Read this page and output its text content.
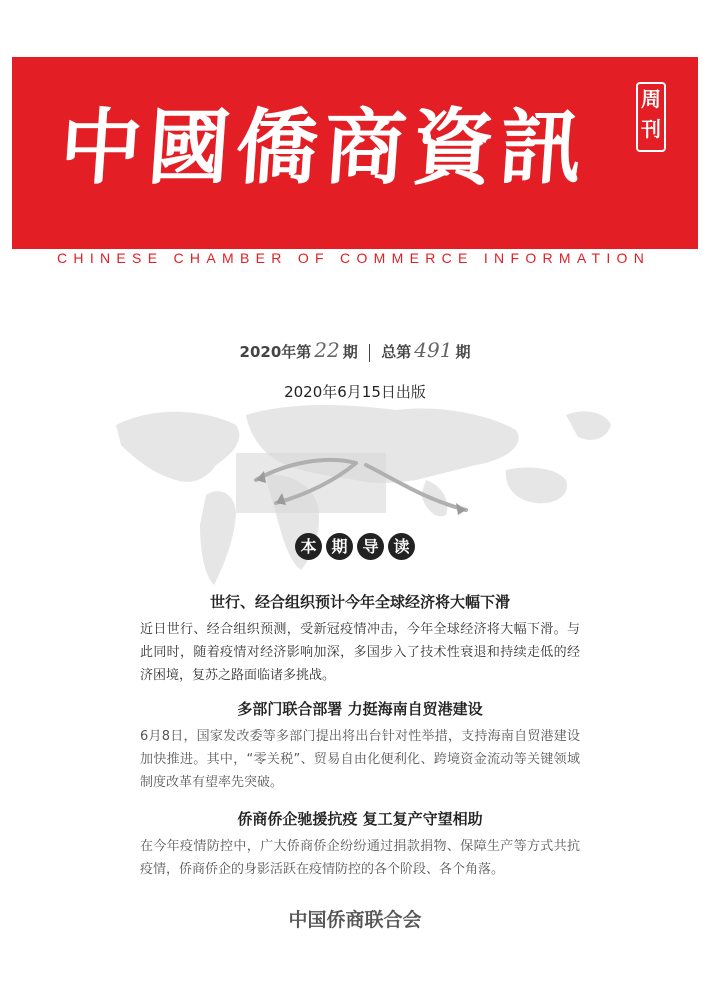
中國僑商資訊
周刊
CHINESE CHAMBER OF COMMERCE INFORMATION
2020年第 22 期 总第 491 期
2020年6月15日出版
本 期 导 读
世行、经合组织预计今年全球经济将大幅下滑

近日世行、经合组织预测，受新冠疫情冲击，今年全球经济将大幅下滑。与此同时，随着疫情对经济影响加深，多国步入了技术性衰退和持续走低的经济困境，复苏之路面临诸多挑战。

多部门联合部署 力挺海南自贸港建设

6月8日，国家发改委等多部门提出将出台针对性举措，支持海南自贸港建设加快推进。其中，“零关税”、贸易自由化便利化、跨境资金流动等关键领域制度改革有望率先突破。

侨商侨企驰援抗疫 复工复产守望相助

在今年疫情防控中，广大侨商侨企纷纷通过捐款捐物、保障生产等方式共抗疫情，侨商侨企的身影活跃在疫情防控的各个阶段、各个角落。

中国侨商联合会
